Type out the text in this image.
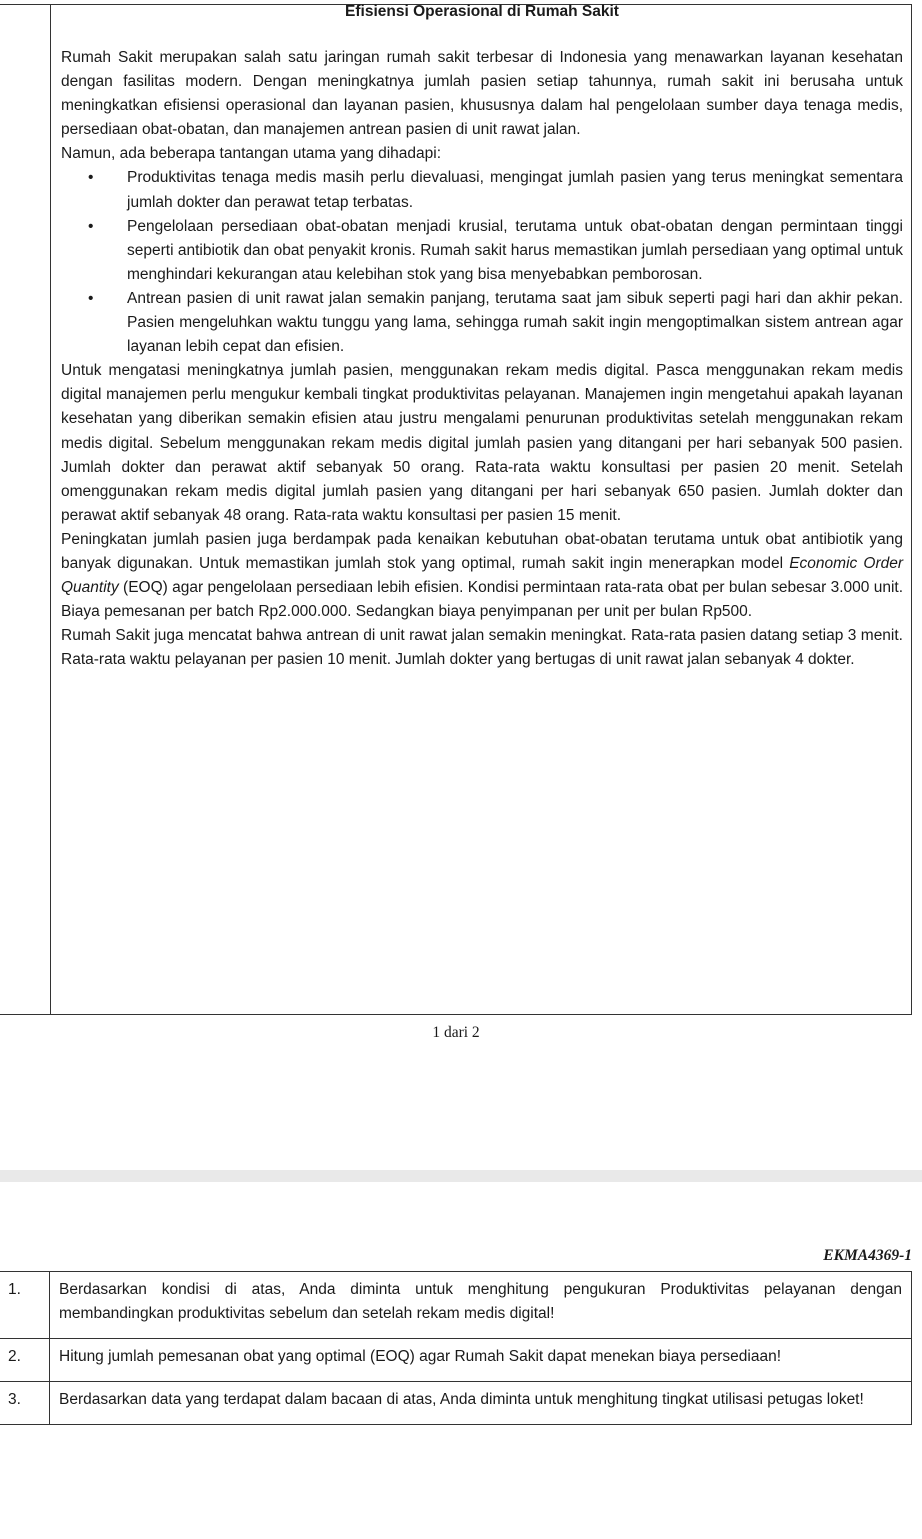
Efisiensi Operasional di Rumah Sakit

Rumah Sakit merupakan salah satu jaringan rumah sakit terbesar di Indonesia yang menawarkan layanan kesehatan dengan fasilitas modern. Dengan meningkatnya jumlah pasien setiap tahunnya, rumah sakit ini berusaha untuk meningkatkan efisiensi operasional dan layanan pasien, khususnya dalam hal pengelolaan sumber daya tenaga medis, persediaan obat-obatan, dan manajemen antrean pasien di unit rawat jalan.

Namun, ada beberapa tantangan utama yang dihadapi:

• Produktivitas tenaga medis masih perlu dievaluasi, mengingat jumlah pasien yang terus meningkat sementara jumlah dokter dan perawat tetap terbatas.
• Pengelolaan persediaan obat-obatan menjadi krusial, terutama untuk obat-obatan dengan permintaan tinggi seperti antibiotik dan obat penyakit kronis. Rumah sakit harus memastikan jumlah persediaan yang optimal untuk menghindari kekurangan atau kelebihan stok yang bisa menyebabkan pemborosan.
• Antrean pasien di unit rawat jalan semakin panjang, terutama saat jam sibuk seperti pagi hari dan akhir pekan. Pasien mengeluhkan waktu tunggu yang lama, sehingga rumah sakit ingin mengoptimalkan sistem antrean agar layanan lebih cepat dan efisien.

Untuk mengatasi meningkatnya jumlah pasien, menggunakan rekam medis digital. Pasca menggunakan rekam medis digital manajemen perlu mengukur kembali tingkat produktivitas pelayanan. Manajemen ingin mengetahui apakah layanan kesehatan yang diberikan semakin efisien atau justru mengalami penurunan produktivitas setelah menggunakan rekam medis digital. Sebelum menggunakan rekam medis digital jumlah pasien yang ditangani per hari sebanyak 500 pasien. Jumlah dokter dan perawat aktif sebanyak 50 orang. Rata-rata waktu konsultasi per pasien 20 menit. Setelah omenggunakan rekam medis digital jumlah pasien yang ditangani per hari sebanyak 650 pasien. Jumlah dokter dan perawat aktif sebanyak 48 orang. Rata-rata waktu konsultasi per pasien 15 menit.

Peningkatan jumlah pasien juga berdampak pada kenaikan kebutuhan obat-obatan terutama untuk obat antibiotik yang banyak digunakan. Untuk memastikan jumlah stok yang optimal, rumah sakit ingin menerapkan model Economic Order Quantity (EOQ) agar pengelolaan persediaan lebih efisien. Kondisi permintaan rata-rata obat per bulan sebesar 3.000 unit. Biaya pemesanan per batch Rp2.000.000. Sedangkan biaya penyimpanan per unit per bulan Rp500.

Rumah Sakit juga mencatat bahwa antrean di unit rawat jalan semakin meningkat. Rata-rata pasien datang setiap 3 menit. Rata-rata waktu pelayanan per pasien 10 menit. Jumlah dokter yang bertugas di unit rawat jalan sebanyak 4 dokter.

1 dari 2
EKMA4369-1
1.	Berdasarkan kondisi di atas, Anda diminta untuk menghitung pengukuran Produktivitas pelayanan dengan membandingkan produktivitas sebelum dan setelah rekam medis digital!
2.	Hitung jumlah pemesanan obat yang optimal (EOQ) agar Rumah Sakit dapat menekan biaya persediaan!
3.	Berdasarkan data yang terdapat dalam bacaan di atas, Anda diminta untuk menghitung tingkat utilisasi petugas loket!
